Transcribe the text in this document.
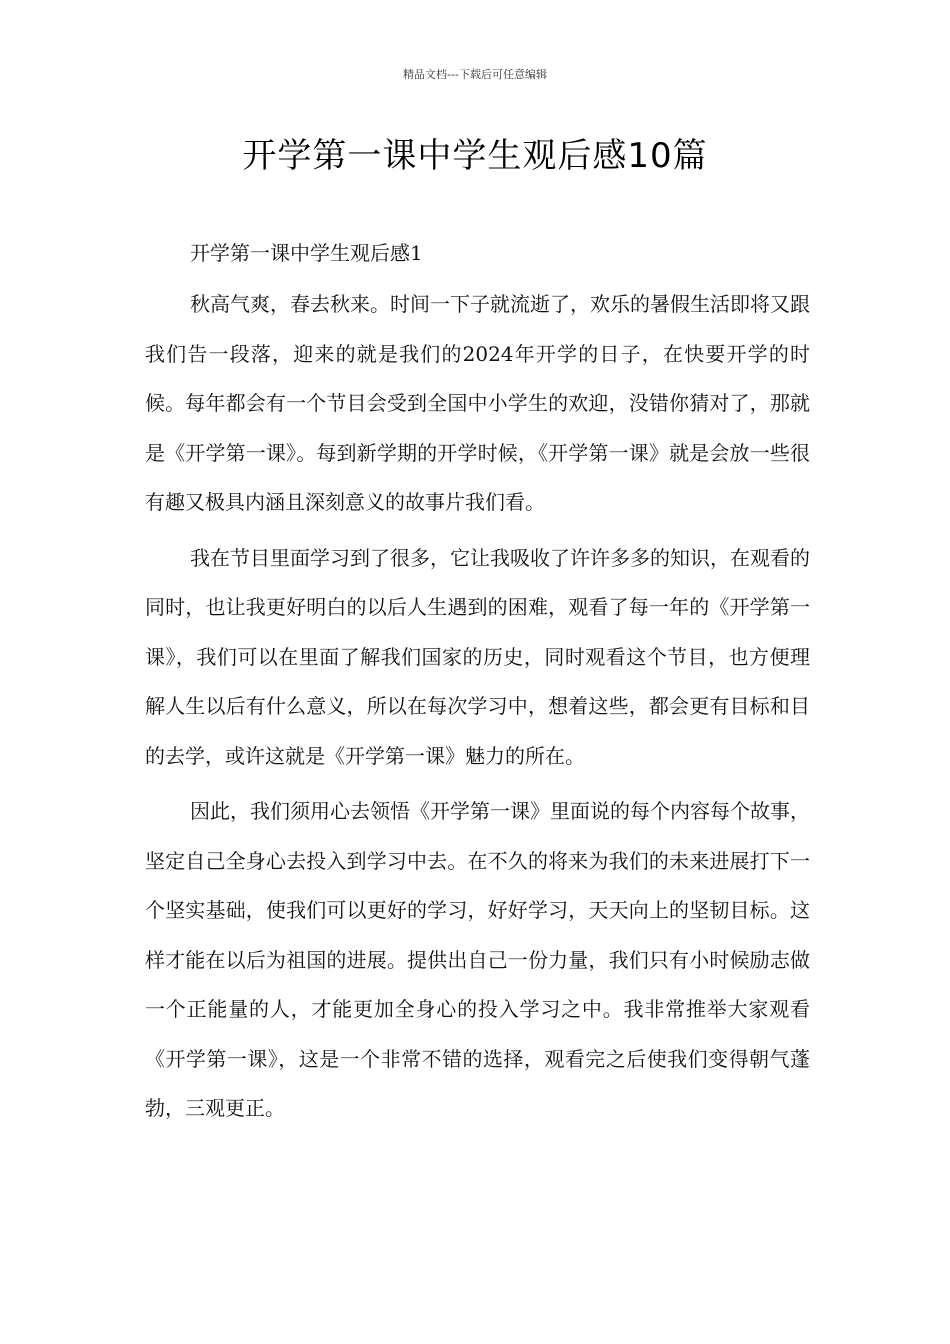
精品文档---下载后可任意编辑
开学第一课中学生观后感10篇
开学第一课中学生观后感1

秋高气爽，春去秋来。时间一下子就流逝了，欢乐的暑假生活即将又跟我们告一段落，迎来的就是我们的2024年开学的日子，在快要开学的时候。每年都会有一个节目会受到全国中小学生的欢迎，没错你猜对了，那就是《开学第一课》。每到新学期的开学时候，《开学第一课》就是会放一些很有趣又极具内涵且深刻意义的故事片我们看。

我在节目里面学习到了很多，它让我吸收了许许多多的知识，在观看的同时，也让我更好明白的以后人生遇到的困难，观看了每一年的《开学第一课》，我们可以在里面了解我们国家的历史，同时观看这个节目，也方便理解人生以后有什么意义，所以在每次学习中，想着这些，都会更有目标和目的去学，或许这就是《开学第一课》魅力的所在。

因此，我们须用心去领悟《开学第一课》里面说的每个内容每个故事，坚定自己全身心去投入到学习中去。在不久的将来为我们的未来进展打下一个坚实基础，使我们可以更好的学习，好好学习，天天向上的坚韧目标。这样才能在以后为祖国的进展。提供出自己一份力量，我们只有小时候励志做一个正能量的人，才能更加全身心的投入学习之中。我非常推举大家观看《开学第一课》，这是一个非常不错的选择，观看完之后使我们变得朝气蓬勃，三观更正。
